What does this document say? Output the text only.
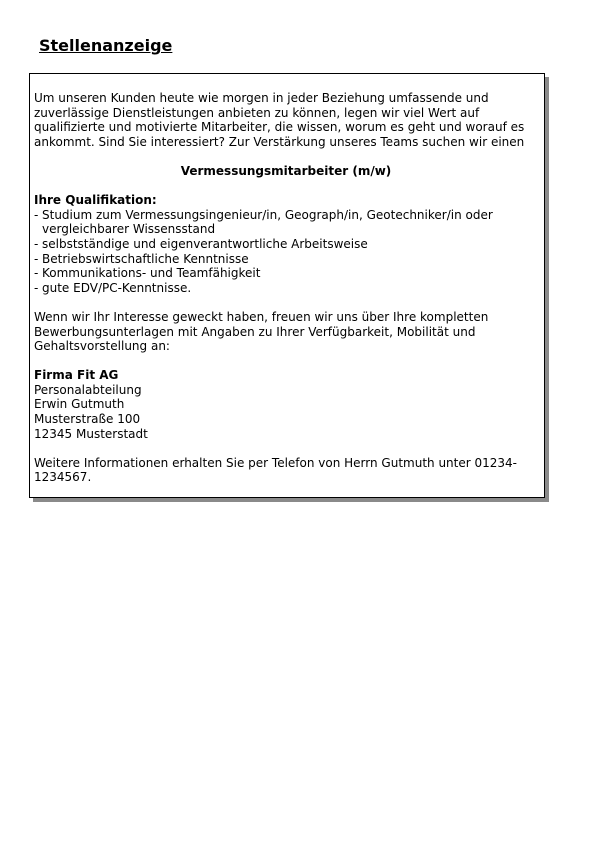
Stellenanzeige

Um unseren Kunden heute wie morgen in jeder Beziehung umfassende und zuverlässige Dienstleistungen anbieten zu können, legen wir viel Wert auf qualifizierte und motivierte Mitarbeiter, die wissen, worum es geht und worauf es ankommt. Sind Sie interessiert? Zur Verstärkung unseres Teams suchen wir einen

Vermessungsmitarbeiter (m/w)

Ihre Qualifikation:

- Studium zum Vermessungsingenieur/in, Geograph/in, Geotechniker/in oder vergleichbarer Wissensstand
- selbstständige und eigenverantwortliche Arbeitsweise
- Betriebswirtschaftliche Kenntnisse
- Kommunikations- und Teamfähigkeit
- gute EDV/PC-Kenntnisse.

Wenn wir Ihr Interesse geweckt haben, freuen wir uns über Ihre kompletten Bewerbungsunterlagen mit Angaben zu Ihrer Verfügbarkeit, Mobilität und Gehaltsvorstellung an:

Firma Fit AG
Personalabteilung
Erwin Gutmuth
Musterstraße 100
12345 Musterstadt

Weitere Informationen erhalten Sie per Telefon von Herrn Gutmuth unter 01234-1234567.
